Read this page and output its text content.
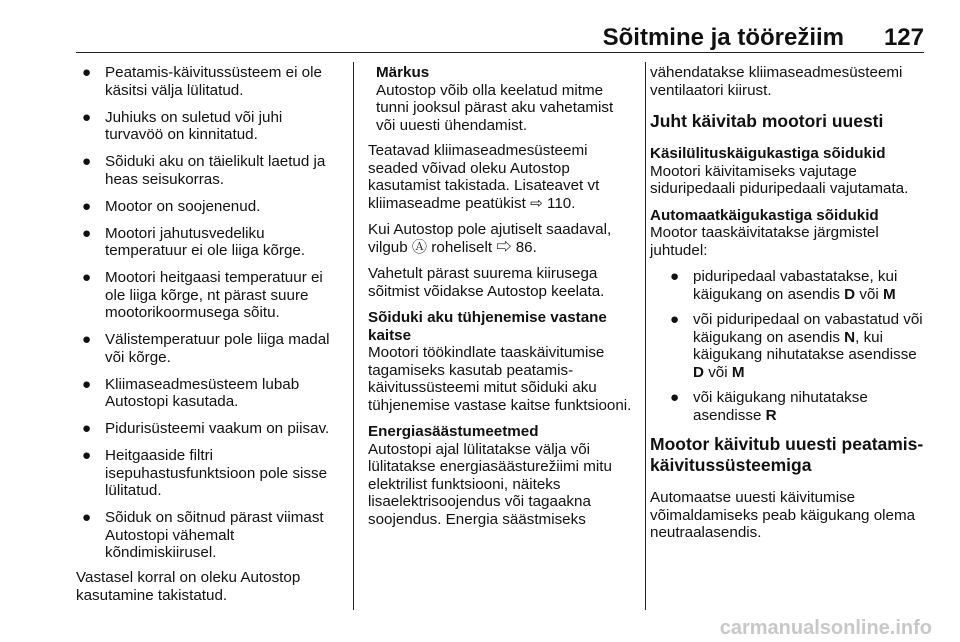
Sõitmine ja töörežiim 127
● Peatamis-käivitussüsteem ei ole käsitsi välja lülitatud.
● Juhiuks on suletud või juhi turvavöö on kinnitatud.
● Sõiduki aku on täielikult laetud ja heas seisukorras.
● Mootor on soojenenud.
● Mootori jahutusvedeliku temperatuur ei ole liiga kõrge.
● Mootori heitgaasi temperatuur ei ole liiga kõrge, nt pärast suure mootorikoormusega sõitu.
● Välistemperatuur pole liiga madal või kõrge.
● Kliimaseadmesüsteem lubab Autostopi kasutada.
● Pidurisüsteemi vaakum on piisav.
● Heitgaaside filtri isepuhastusfunktsioon pole sisse lülitatud.
● Sõiduk on sõitnud pärast viimast Autostopi vähemalt kõndimiskiirusel.

Vastasel korral on oleku Autostop kasutamine takistatud.

Märkus
Autostop võib olla keelatud mitme tunni jooksul pärast aku vahetamist või uuesti ühendamist.

Teatavad kliimaseadmesüsteemi seaded võivad oleku Autostop kasutamist takistada. Lisateavet vt kliimaseadme peatükist ⇨ 110.

Kui Autostop pole ajutiselt saadaval, vilgub Ⓐ roheliselt ⇨ 86.

Vahetult pärast suurema kiirusega sõitmist võidakse Autostop keelata.

Sõiduki aku tühjenemise vastane kaitse

Mootori töökindlate taaskäivitumise tagamiseks kasutab peatamis-käivitussüsteemi mitut sõiduki aku tühjenemise vastase kaitse funktsiooni.

Energiasäästumeetmed

Autostopi ajal lülitatakse välja või lülitatakse energiasäästurežiimi mitu elektrilist funktsiooni, näiteks lisaelektrisoojendus või tagaakna soojendus. Energia säästmiseks

vähendatakse kliimaseadmesüsteemi ventilaatori kiirust.

Juht käivitab mootori uuesti

Käsilülituskäigukastiga sõidukid

Mootori käivitamiseks vajutage siduripedaali piduripedaali vajutamata.

Automaatkäigukastiga sõidukid

Mootor taaskäivitatakse järgmistel juhtudel:

● piduripedaal vabastatakse, kui käigukang on asendis D või M
● või piduripedaal on vabastatud või käigukang on asendis N, kui käigukang nihutatakse asendisse D või M
● või käigukang nihutatakse asendisse R
Mootor käivitub uuesti peatamis-käivitussüsteemiga

Automaatse uuesti käivitumise võimaldamiseks peab käigukang olema neutraalasendis.

carmanualsonline.info
